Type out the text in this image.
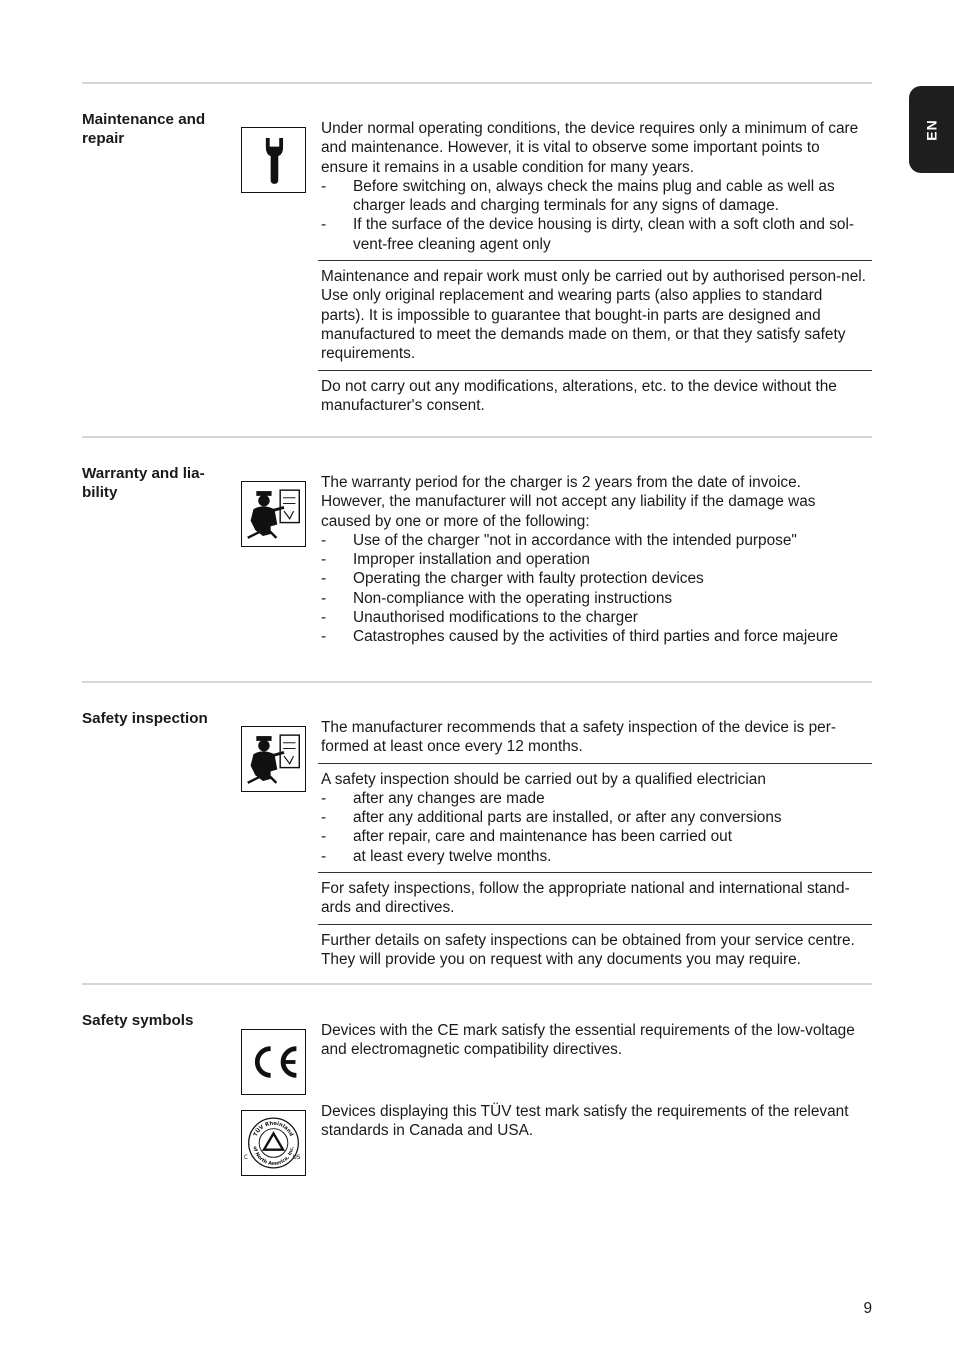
EN
Maintenance and repair
Under normal operating conditions, the device requires only a minimum of care and maintenance. However, it is vital to observe some important points to ensure it remains in a usable condition for many years.
-	Before switching on, always check the mains plug and cable as well as charger leads and charging terminals for any signs of damage.
-	If the surface of the device housing is dirty, clean with a soft cloth and sol-vent-free cleaning agent only
Maintenance and repair work must only be carried out by authorised person-nel. Use only original replacement and wearing parts (also applies to standard parts). It is impossible to guarantee that bought-in parts are designed and manufactured to meet the demands made on them, or that they satisfy safety requirements.
Do not carry out any modifications, alterations, etc. to the device without the manufacturer's consent.
Warranty and lia-bility
The warranty period for the charger is 2 years from the date of invoice. However, the manufacturer will not accept any liability if the damage was caused by one or more of the following:
-	Use of the charger "not in accordance with the intended purpose"
-	Improper installation and operation
-	Operating the charger with faulty protection devices
-	Non-compliance with the operating instructions
-	Unauthorised modifications to the charger
-	Catastrophes caused by the activities of third parties and force majeure
Safety inspection
The manufacturer recommends that a safety inspection of the device is per-formed at least once every 12 months.
A safety inspection should be carried out by a qualified electrician
-	after any changes are made
-	after any additional parts are installed, or after any conversions
-	after repair, care and maintenance has been carried out
-	at least every twelve months.
For safety inspections, follow the appropriate national and international stand-ards and directives.
Further details on safety inspections can be obtained from your service centre. They will provide you on request with any documents you may require.
Safety symbols
Devices with the CE mark satisfy the essential requirements of the low-voltage and electromagnetic compatibility directives.
TÜV Rheinland
of North America, Inc.
C	US
Devices displaying this TÜV test mark satisfy the requirements of the relevant standards in Canada and USA.
9
